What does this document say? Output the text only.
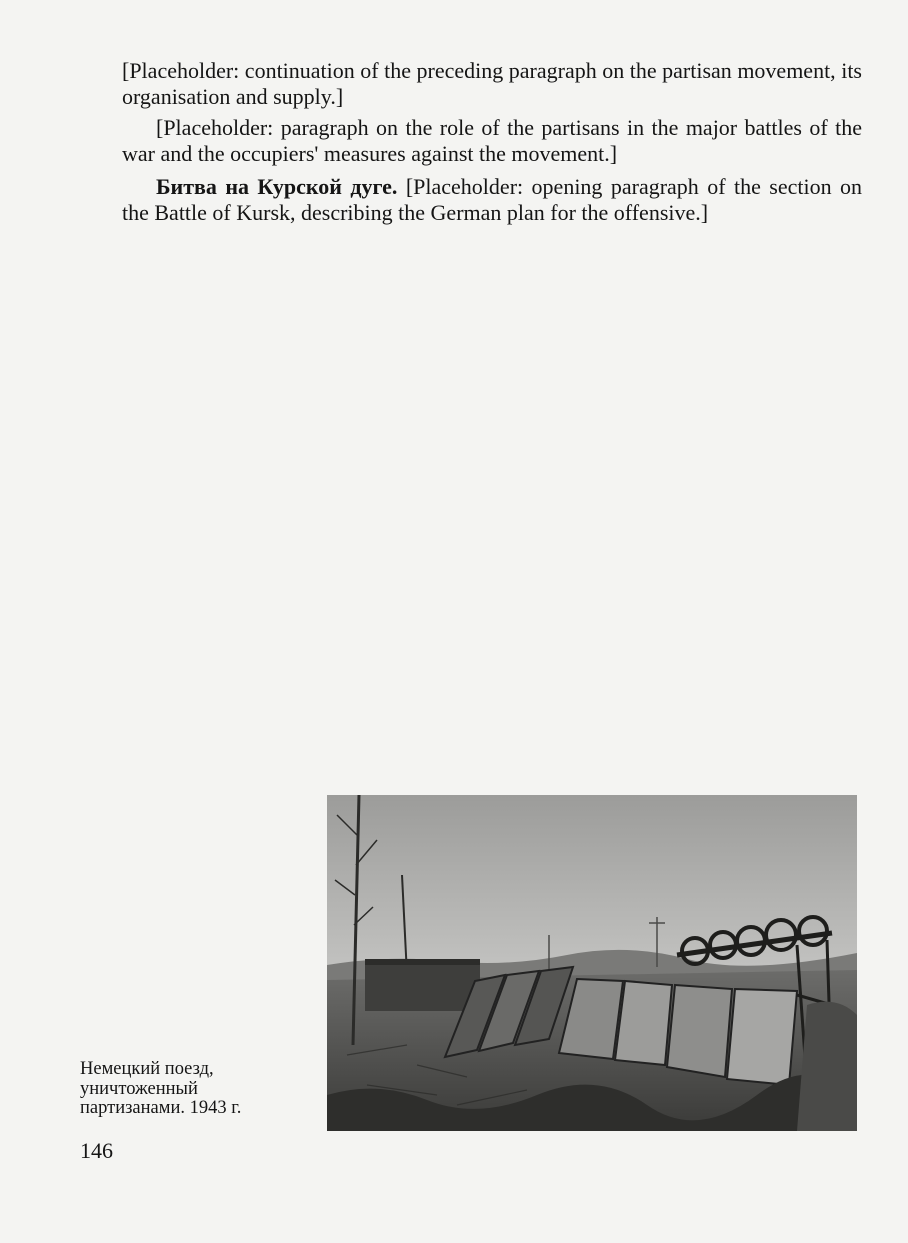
[Placeholder: continuation of the preceding paragraph on the partisan movement, its organisation and supply.]

[Placeholder: paragraph on the role of the partisans in the major battles of the war and the occupiers' measures against the movement.]

Битва на Курской дуге. [Placeholder: opening paragraph of the section on the Battle of Kursk, describing the German plan for the offensive.]

Немецкий поезд,
уничтоженный
партизанами. 1943 г.
146
